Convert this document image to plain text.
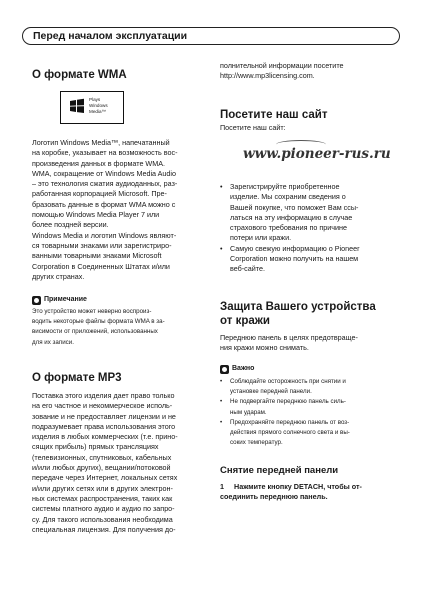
Перед началом эксплуатации
О формате WMA
Plays
Windows
Media™
Логотип Windows Media™, напечатанный
на коробке, указывает на возможность вос-
произведения данных в формате WMA.
WMA, сокращение от Windows Media Audio
– это технология сжатия аудиоданных, раз-
работанная корпорацией Microsoft. Пре-
бразовать данные в формат WMA можно с
помощью Windows Media Player 7 или
более поздней версии.
Windows Media и логотип Windows являют-
ся товарными знаками или зарегистриро-
ванными товарными знаками Microsoft
Corporation в Соединенных Штатах и/или
других странах.
Примечание
Это устройство может неверно воспроиз-
водить некоторые файлы формата WMA в за-
висимости от приложений, использованных
для их записи.
О формате MP3
Поставка этого изделия дает право только
на его частное и некоммерческое исполь-
зование и не предоставляет лицензии и не
подразумевает права использования этого
изделия в любых коммерческих (т.е. прино-
сящих прибыль) прямых трансляциях
(телевизионных, спутниковых, кабельных
и/или любых других), вещании/потоковой
передаче через Интернет, локальных сетях
и/или других сетях или в других электрон-
ных системах распространения, таких как
системы платного аудио и аудио по запро-
су. Для такого использования необходима
специальная лицензия. Для получения до-
полнительной информации посетите
http://www.mp3licensing.com.
Посетите наш сайт
Посетите наш сайт:
www.pioneer-rus.ru
• Зарегистрируйте приобретенное
изделие. Мы сохраним сведения о
Вашей покупке, что поможет Вам ссы-
латься на эту информацию в случае
страхового требования по причине
потери или кражи.
• Самую свежую информацию о Pioneer
Corporation можно получить на нашем
веб-сайте.
Защита Вашего устройства
от кражи
Переднюю панель в целях предотвраще-
ния кражи можно снимать.
Важно
• Соблюдайте осторожность при снятии и
установке передней панели.
• Не подвергайте переднюю панель силь-
ным ударам.
• Предохраняйте переднюю панель от воз-
действия прямого солнечного света и вы-
соких температур.
Снятие передней панели
1 Нажмите кнопку DETACH, чтобы от-
соединить переднюю панель.
